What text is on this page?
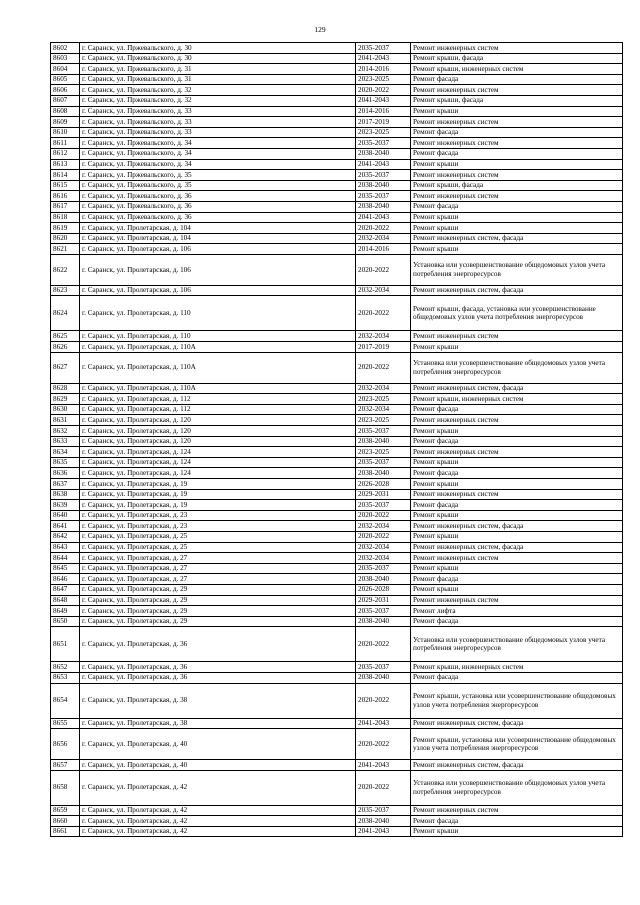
129
8602	г. Саранск, ул. Пржевальского, д. 30	2035-2037	Ремонт инженерных систем
8603	г. Саранск, ул. Пржевальского, д. 30	2041-2043	Ремонт крыши, фасада
8604	г. Саранск, ул. Пржевальского, д. 31	2014-2016	Ремонт крыши, инженерных систем
8605	г. Саранск, ул. Пржевальского, д. 31	2023-2025	Ремонт фасада
8606	г. Саранск, ул. Пржевальского, д. 32	2020-2022	Ремонт инженерных систем
8607	г. Саранск, ул. Пржевальского, д. 32	2041-2043	Ремонт крыши, фасада
8608	г. Саранск, ул. Пржевальского, д. 33	2014-2016	Ремонт крыши
8609	г. Саранск, ул. Пржевальского, д. 33	2017-2019	Ремонт инженерных систем
8610	г. Саранск, ул. Пржевальского, д. 33	2023-2025	Ремонт фасада
8611	г. Саранск, ул. Пржевальского, д. 34	2035-2037	Ремонт инженерных систем
8612	г. Саранск, ул. Пржевальского, д. 34	2038-2040	Ремонт фасада
8613	г. Саранск, ул. Пржевальского, д. 34	2041-2043	Ремонт крыши
8614	г. Саранск, ул. Пржевальского, д. 35	2035-2037	Ремонт инженерных систем
8615	г. Саранск, ул. Пржевальского, д. 35	2038-2040	Ремонт крыши, фасада
8616	г. Саранск, ул. Пржевальского, д. 36	2035-2037	Ремонт инженерных систем
8617	г. Саранск, ул. Пржевальского, д. 36	2038-2040	Ремонт фасада
8618	г. Саранск, ул. Пржевальского, д. 36	2041-2043	Ремонт крыши
8619	г. Саранск, ул. Пролетарская, д. 104	2020-2022	Ремонт крыши
8620	г. Саранск, ул. Пролетарская, д. 104	2032-2034	Ремонт инженерных систем, фасада
8621	г. Саранск, ул. Пролетарская, д. 106	2014-2016	Ремонт крыши
8622	г. Саранск, ул. Пролетарская, д. 106	2020-2022	Установка или усовершенствование общедомовых узлов учета потребления энергоресурсов
8623	г. Саранск, ул. Пролетарская, д. 106	2032-2034	Ремонт инженерных систем, фасада
8624	г. Саранск, ул. Пролетарская, д. 110	2020-2022	Ремонт крыши, фасада, установка или усовершенствование общедомовых узлов учета потребления энергоресурсов
8625	г. Саранск, ул. Пролетарская, д. 110	2032-2034	Ремонт инженерных систем
8626	г. Саранск, ул. Пролетарская, д. 110А	2017-2019	Ремонт крыши
8627	г. Саранск, ул. Пролетарская, д. 110А	2020-2022	Установка или усовершенствование общедомовых узлов учета потребления энергоресурсов
8628	г. Саранск, ул. Пролетарская, д. 110А	2032-2034	Ремонт инженерных систем, фасада
8629	г. Саранск, ул. Пролетарская, д. 112	2023-2025	Ремонт крыши, инженерных систем
8630	г. Саранск, ул. Пролетарская, д. 112	2032-2034	Ремонт фасада
8631	г. Саранск, ул. Пролетарская, д. 120	2023-2025	Ремонт инженерных систем
8632	г. Саранск, ул. Пролетарская, д. 120	2035-2037	Ремонт крыши
8633	г. Саранск, ул. Пролетарская, д. 120	2038-2040	Ремонт фасада
8634	г. Саранск, ул. Пролетарская, д. 124	2023-2025	Ремонт инженерных систем
8635	г. Саранск, ул. Пролетарская, д. 124	2035-2037	Ремонт крыши
8636	г. Саранск, ул. Пролетарская, д. 124	2038-2040	Ремонт фасада
8637	г. Саранск, ул. Пролетарская, д. 19	2026-2028	Ремонт крыши
8638	г. Саранск, ул. Пролетарская, д. 19	2029-2031	Ремонт инженерных систем
8639	г. Саранск, ул. Пролетарская, д. 19	2035-2037	Ремонт фасада
8640	г. Саранск, ул. Пролетарская, д. 23	2020-2022	Ремонт крыши
8641	г. Саранск, ул. Пролетарская, д. 23	2032-2034	Ремонт инженерных систем, фасада
8642	г. Саранск, ул. Пролетарская, д. 25	2020-2022	Ремонт крыши
8643	г. Саранск, ул. Пролетарская, д. 25	2032-2034	Ремонт инженерных систем, фасада
8644	г. Саранск, ул. Пролетарская, д. 27	2032-2034	Ремонт инженерных систем
8645	г. Саранск, ул. Пролетарская, д. 27	2035-2037	Ремонт крыши
8646	г. Саранск, ул. Пролетарская, д. 27	2038-2040	Ремонт фасада
8647	г. Саранск, ул. Пролетарская, д. 29	2026-2028	Ремонт крыши
8648	г. Саранск, ул. Пролетарская, д. 29	2029-2031	Ремонт инженерных систем
8649	г. Саранск, ул. Пролетарская, д. 29	2035-2037	Ремонт лифта
8650	г. Саранск, ул. Пролетарская, д. 29	2038-2040	Ремонт фасада
8651	г. Саранск, ул. Пролетарская, д. 36	2020-2022	Установка или усовершенствование общедомовых узлов учета потребления энергоресурсов
8652	г. Саранск, ул. Пролетарская, д. 36	2035-2037	Ремонт крыши, инженерных систем
8653	г. Саранск, ул. Пролетарская, д. 36	2038-2040	Ремонт фасада
8654	г. Саранск, ул. Пролетарская, д. 38	2020-2022	Ремонт крыши, установка или усовершенствование общедомовых узлов учета потребления энергоресурсов
8655	г. Саранск, ул. Пролетарская, д. 38	2041-2043	Ремонт инженерных систем, фасада
8656	г. Саранск, ул. Пролетарская, д. 40	2020-2022	Ремонт крыши, установка или усовершенствование общедомовых узлов учета потребления энергоресурсов
8657	г. Саранск, ул. Пролетарская, д. 40	2041-2043	Ремонт инженерных систем, фасада
8658	г. Саранск, ул. Пролетарская, д. 42	2020-2022	Установка или усовершенствование общедомовых узлов учета потребления энергоресурсов
8659	г. Саранск, ул. Пролетарская, д. 42	2035-2037	Ремонт инженерных систем
8660	г. Саранск, ул. Пролетарская, д. 42	2038-2040	Ремонт фасада
8661	г. Саранск, ул. Пролетарская, д. 42	2041-2043	Ремонт крыши
